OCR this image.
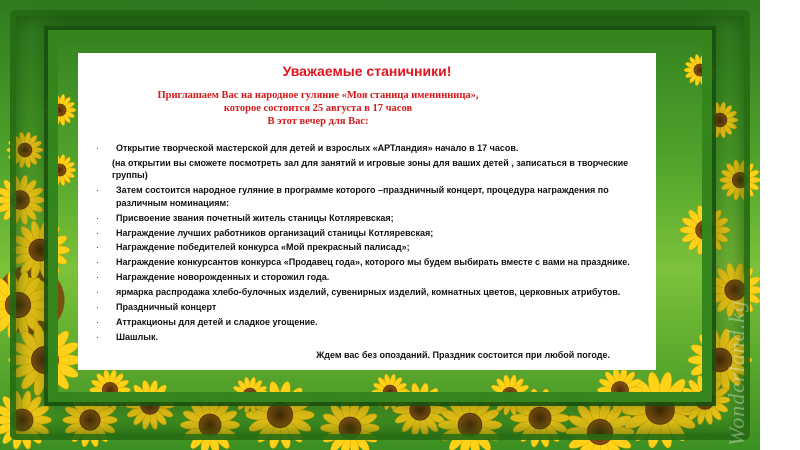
Уважаемые станичники!
Приглашаем Вас на народное гуляние «Моя станица именинница»,
которое состоится 25 августа в 17 часов
В этот вечер для Вас:
· Открытие творческой мастерской для детей и взрослых «АРТландия» начало в 17 часов.
(на открытии вы сможете посмотреть зал для занятий и игровые зоны для ваших детей , записаться в творческие группы)
· Затем состоится народное гуляние в программе которого –праздничный концерт, процедура награждения по различным номинациям:
· Присвоение звания почетный житель станицы Котляревская;
· Награждение лучших работников организаций станицы Котляревская;
· Награждение победителей конкурса «Мой прекрасный палисад»;
· Награждение конкурсантов конкурса «Продавец года», которого мы будем выбирать вместе с вами на празднике.
· Награждение новорожденных и сторожил года.
· ярмарка распродажа хлебо-булочных изделий, сувенирных изделий, комнатных цветов, церковных атрибутов.
· Праздничный концерт
· Аттракционы для детей и сладкое угощение.
· Шашлык.
Ждем вас без опозданий. Праздник состоится при любой погоде.	Wonderland.kg
